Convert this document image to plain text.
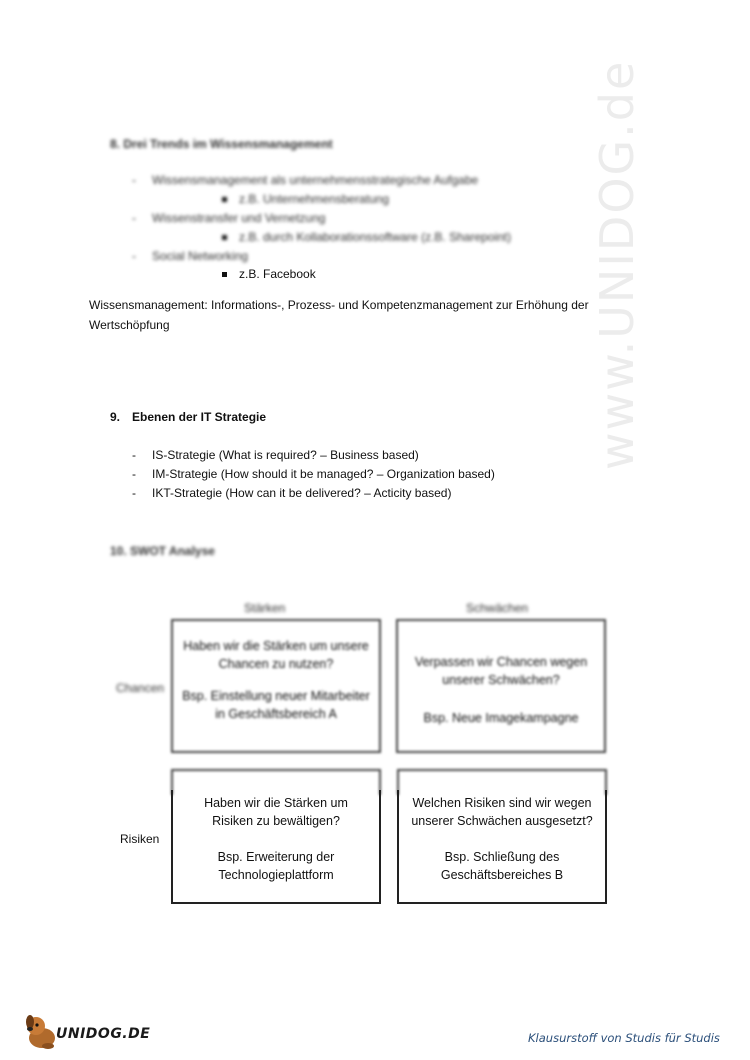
www.UNIDOG.de
8. Drei Trends im Wissensmanagement
- Wissensmanagement als unternehmensstrategische Aufgabe
z.B. Unternehmensberatung
- Wissenstransfer und Vernetzung
z.B. durch Kollaborationssoftware (z.B. Sharepoint)
- Social Networking
z.B. Facebook
Wissensmanagement: Informations-, Prozess- und Kompetenzmanagement zur Erhöhung der
Wertschöpfung
9. Ebenen der IT Strategie
- IS-Strategie (What is required? – Business based)
- IM-Strategie (How should it be managed? – Organization based)
- IKT-Strategie (How can it be delivered? – Acticity based)
10. SWOT Analyse
Stärken	Schwächen
Chancen
Risiken
Haben wir die Stärken um unsere Chancen zu nutzen?
Bsp. Einstellung neuer Mitarbeiter in Geschäftsbereich A
Verpassen wir Chancen wegen unserer Schwächen?
Bsp. Neue Imagekampagne
Haben wir die Stärken um Risiken zu bewältigen?
Bsp. Erweiterung der Technologieplattform
Welchen Risiken sind wir wegen unserer Schwächen ausgesetzt?
Bsp. Schließung des Geschäftsbereiches B
UNIDOG.DE	Klausurstoff von Studis für Studis
